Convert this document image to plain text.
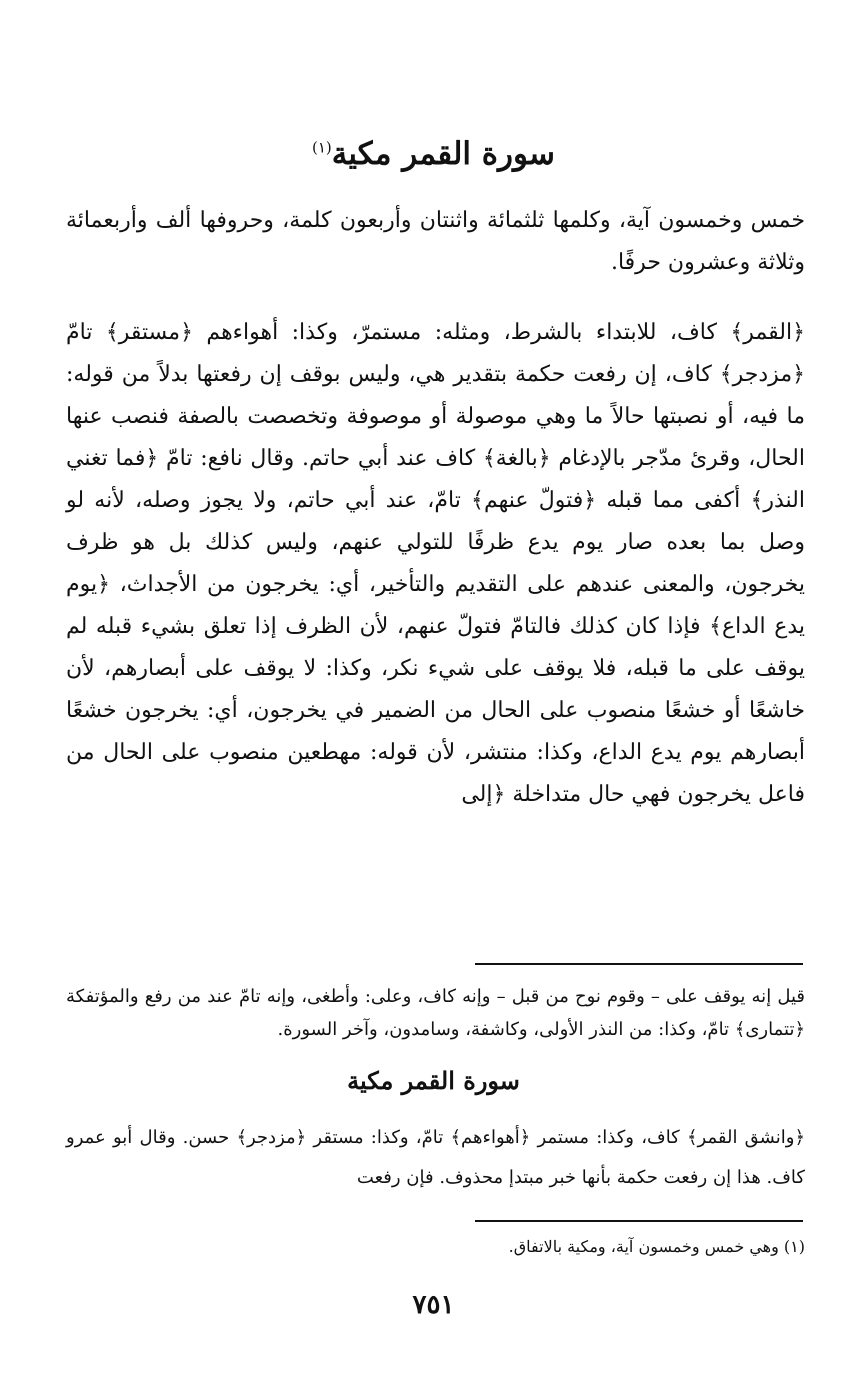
سورة القمر مكية$^{(١)}$

خمس وخمسون آية، وكلمها ثلثمائة واثنتان وأربعون كلمة، وحروفها ألف وأربعمائة وثلاثة وعشرون حرفًا.

﴿القمر﴾ كاف، للابتداء بالشرط، ومثله: مستمرّ، وكذا: أهواءهم ﴿مستقر﴾ تامّ ﴿مزدجر﴾ كاف، إن رفعت حكمة بتقدير هي، وليس بوقف إن رفعتها بدلاً من قوله: ما فيه، أو نصبتها حالاً ما وهي موصولة أو موصوفة وتخصصت بالصفة فنصب عنها الحال، وقرئ مدّجر بالإدغام ﴿بالغة﴾ كاف عند أبي حاتم. وقال نافع: تامّ ﴿فما تغني النذر﴾ أكفى مما قبله ﴿فتولّ عنهم﴾ تامّ، عند أبي حاتم، ولا يجوز وصله، لأنه لو وصل بما بعده صار يوم يدع ظرفًا للتولي عنهم، وليس كذلك بل هو ظرف يخرجون، والمعنى عندهم على التقديم والتأخير، أي: يخرجون من الأجداث، ﴿يوم يدع الداع﴾ فإذا كان كذلك فالتامّ فتولّ عنهم، لأن الظرف إذا تعلق بشيء قبله لم يوقف على ما قبله، فلا يوقف على شيء نكر، وكذا: لا يوقف على أبصارهم، لأن خاشعًا أو خشعًا منصوب على الحال من الضمير في يخرجون، أي: يخرجون خشعًا أبصارهم يوم يدع الداع، وكذا: منتشر، لأن قوله: مهطعين منصوب على الحال من فاعل يخرجون فهي حال متداخلة ﴿إلى

قيل إنه يوقف على – وقوم نوح من قبل – وإنه كاف، وعلى: وأطغى، وإنه تامّ عند من رفع والمؤتفكة ﴿تتمارى﴾ تامّ، وكذا: من النذر الأولى، وكاشفة، وسامدون، وآخر السورة.

سورة القمر مكية

﴿وانشق القمر﴾ كاف، وكذا: مستمر ﴿أهواءهم﴾ تامّ، وكذا: مستقر ﴿مزدجر﴾ حسن. وقال أبو عمرو كاف. هذا إن رفعت حكمة بأنها خبر مبتدإ محذوف. فإن رفعت

(١) وهي خمس وخمسون آية، ومكية بالاتفاق.

٧٥١
